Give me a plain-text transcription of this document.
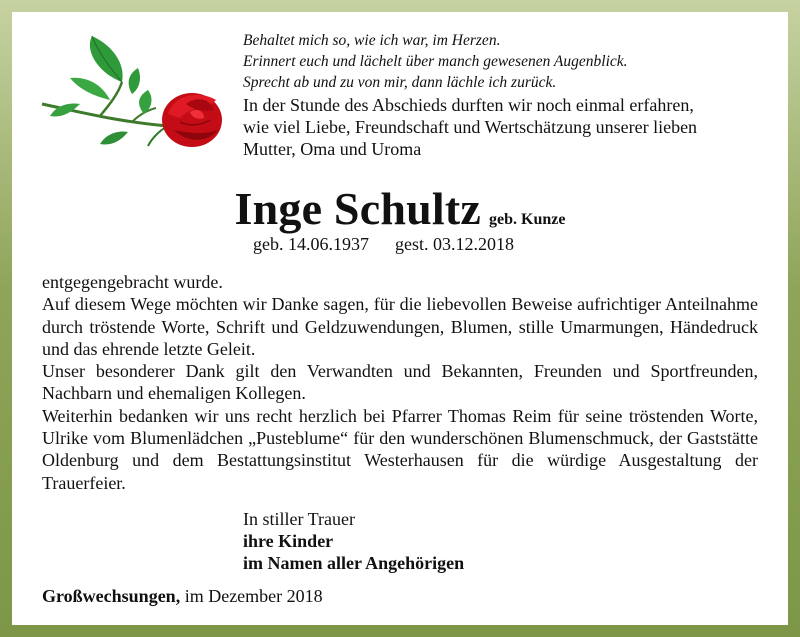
Behaltet mich so, wie ich war, im Herzen.
Erinnert euch und lächelt über manch gewesenen Augenblick.
Sprecht ab und zu von mir, dann lächle ich zurück.
In der Stunde des Abschieds durften wir noch einmal erfahren,
wie viel Liebe, Freundschaft und Wertschätzung unserer lieben
Mutter, Oma und Uroma
Inge Schultz geb. Kunze
geb. 14.06.1937 gest. 03.12.2018

entgegengebracht wurde.

Auf diesem Wege möchten wir Danke sagen, für die liebevollen Beweise aufrichtiger Anteilnahme durch tröstende Worte, Schrift und Geldzuwendungen, Blumen, stille Umarmungen, Händedruck und das ehrende letzte Geleit.

Unser besonderer Dank gilt den Verwandten und Bekannten, Freunden und Sportfreunden, Nachbarn und ehemaligen Kollegen.

Weiterhin bedanken wir uns recht herzlich bei Pfarrer Thomas Reim für seine tröstenden Worte, Ulrike vom Blumenlädchen „Pusteblume“ für den wunderschönen Blumenschmuck, der Gaststätte Oldenburg und dem Bestattungsinstitut Westerhausen für die würdige Ausgestaltung der Trauerfeier.

In stiller Trauer
ihre Kinder
im Namen aller Angehörigen
Großwechsungen, im Dezember 2018
